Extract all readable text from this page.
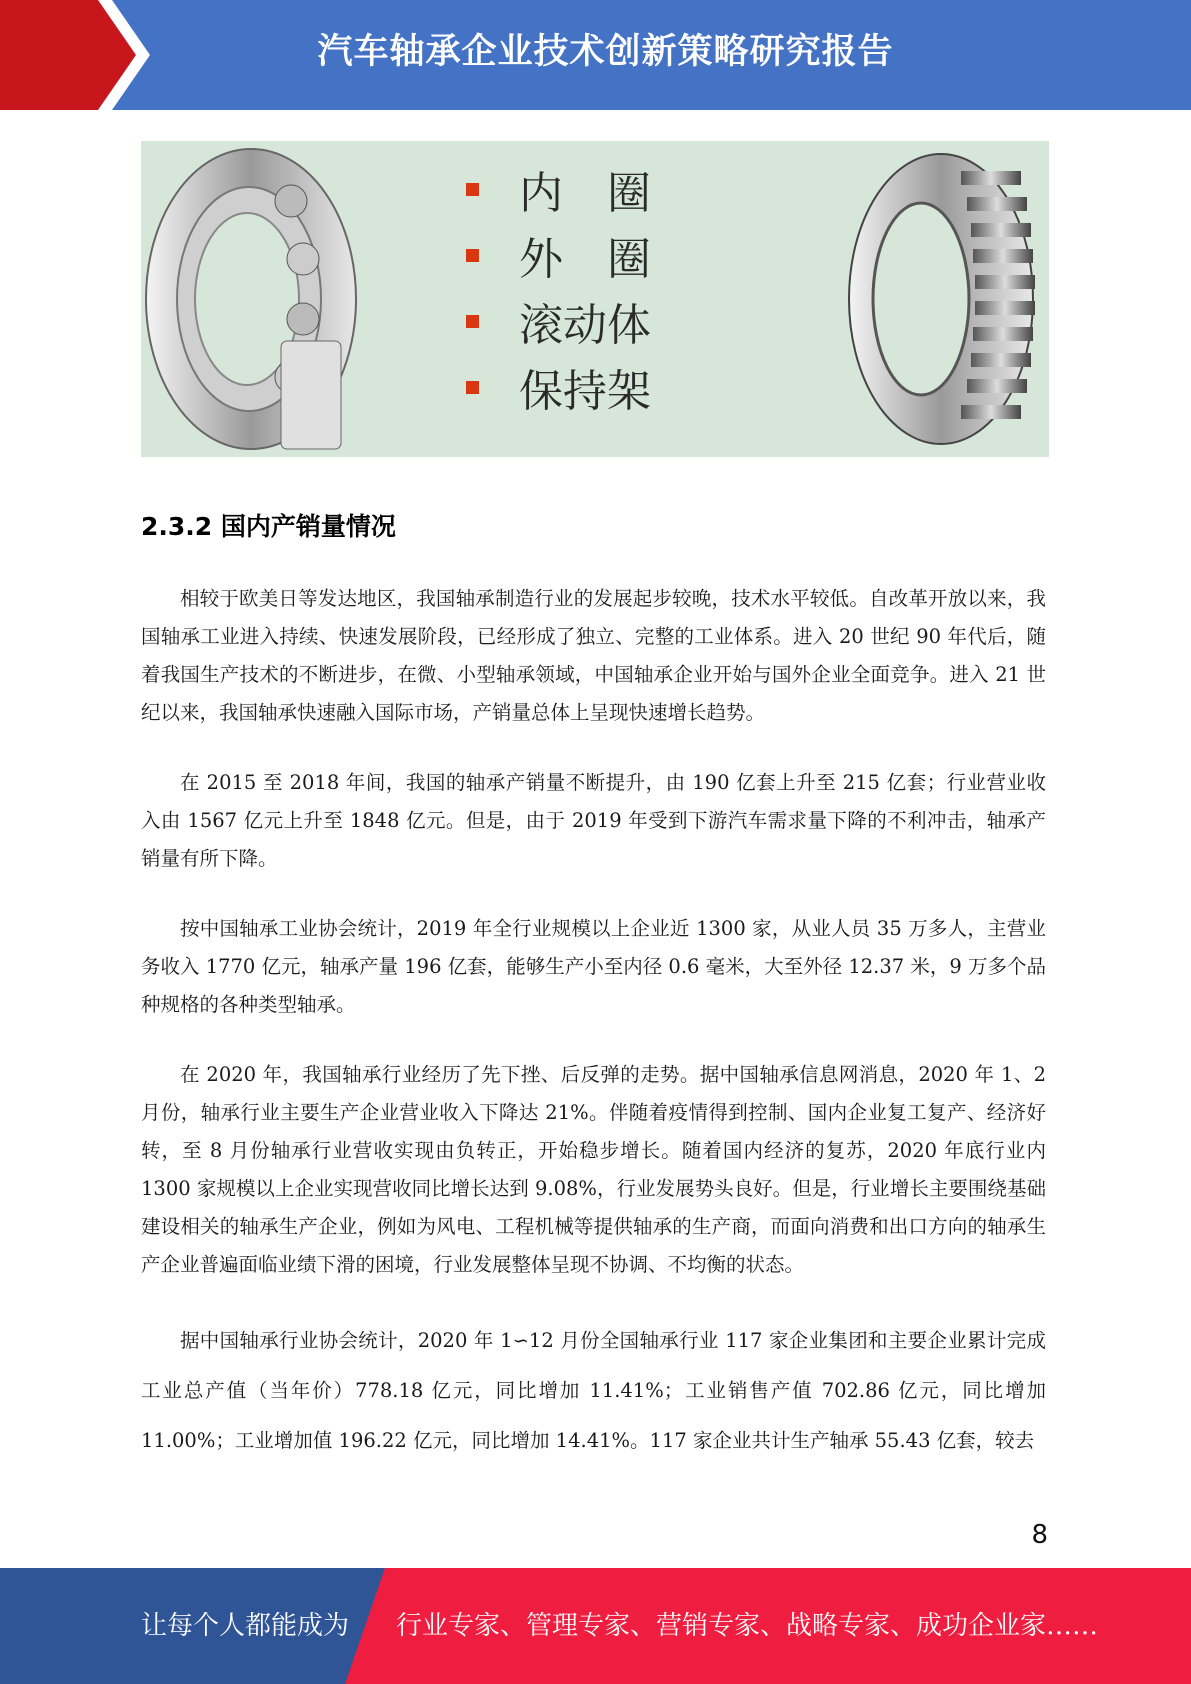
汽车轴承企业技术创新策略研究报告
内　圈
外　圈
滚动体
保持架
2.3.2 国内产销量情况

相较于欧美日等发达地区，我国轴承制造行业的发展起步较晚，技术水平较低。自改革开放以来，我国轴承工业进入持续、快速发展阶段，已经形成了独立、完整的工业体系。进入 20 世纪 90 年代后，随着我国生产技术的不断进步，在微、小型轴承领域，中国轴承企业开始与国外企业全面竞争。进入 21 世纪以来，我国轴承快速融入国际市场，产销量总体上呈现快速增长趋势。

在 2015 至 2018 年间，我国的轴承产销量不断提升，由 190 亿套上升至 215 亿套；行业营业收入由 1567 亿元上升至 1848 亿元。但是，由于 2019 年受到下游汽车需求量下降的不利冲击，轴承产销量有所下降。

按中国轴承工业协会统计，2019 年全行业规模以上企业近 1300 家，从业人员 35 万多人，主营业务收入 1770 亿元，轴承产量 196 亿套，能够生产小至内径 0.6 毫米，大至外径 12.37 米，9 万多个品种规格的各种类型轴承。

在 2020 年，我国轴承行业经历了先下挫、后反弹的走势。据中国轴承信息网消息，2020 年 1、2 月份，轴承行业主要生产企业营业收入下降达 21%。伴随着疫情得到控制、国内企业复工复产、经济好转，至 8 月份轴承行业营收实现由负转正，开始稳步增长。随着国内经济的复苏，2020 年底行业内 1300 家规模以上企业实现营收同比增长达到 9.08%，行业发展势头良好。但是，行业增长主要围绕基础建设相关的轴承生产企业，例如为风电、工程机械等提供轴承的生产商，而面向消费和出口方向的轴承生产企业普遍面临业绩下滑的困境，行业发展整体呈现不协调、不均衡的状态。

据中国轴承行业协会统计，2020 年 1∽12 月份全国轴承行业 117 家企业集团和主要企业累计完成工业总产值（当年价）778.18 亿元，同比增加 11.41%；工业销售产值 702.86 亿元，同比增加 11.00%；工业增加值 196.22 亿元，同比增加 14.41%。117 家企业共计生产轴承 55.43 亿套，较去

8
让每个人都能成为 行业专家、管理专家、营销专家、战略专家、成功企业家……
